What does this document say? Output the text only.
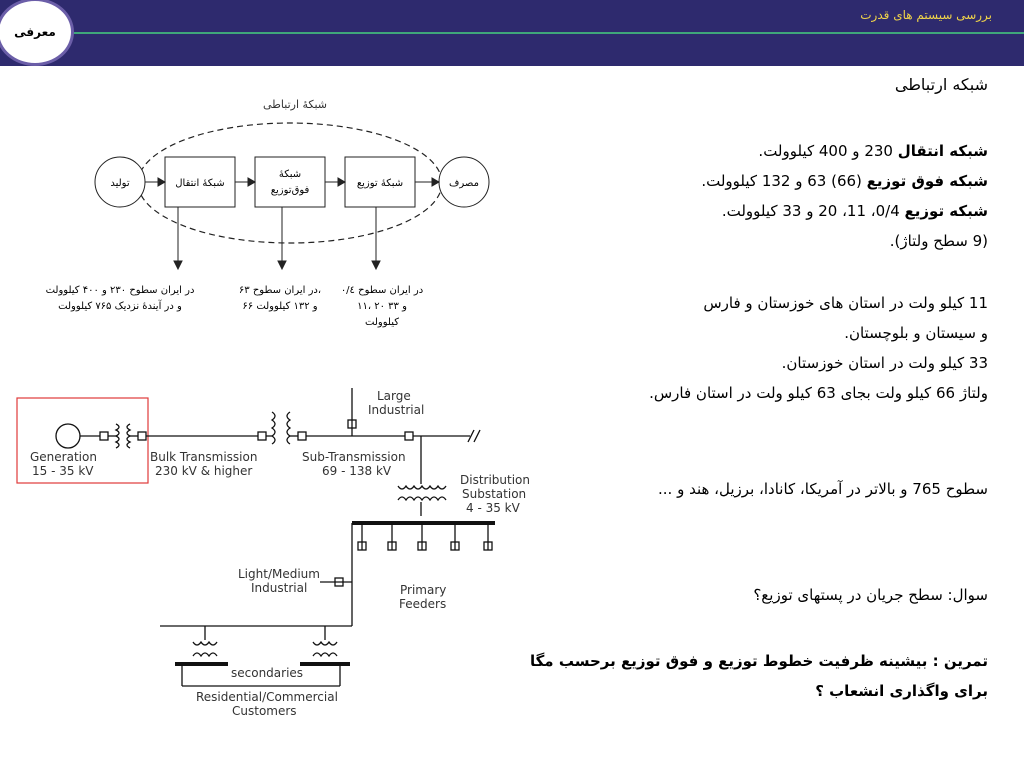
بررسی سیستم های قدرت
معرفی
شبکه ارتباطی
شبکه انتقال 230 و 400 کیلوولت.
شبکه فوق توزیع (66) 63 و 132 کیلوولت.
شبکه توزیع 0/4، 11، 20 و 33 کیلوولت.
(9 سطح ولتاژ).
11 کیلو ولت در استان های خوزستان و فارس
و سیستان و بلوچستان.
33 کیلو ولت در استان خوزستان.
ولتاژ 66 کیلو ولت بجای 63 کیلو ولت در استان فارس.
سطوح 765 و بالاتر در آمریکا، کانادا، برزیل، هند و ...
سوال: سطح جریان در پستهای توزیع؟
تمرین : بیشینه ظرفیت خطوط توزیع و فوق توزیع برحسب مگا
برای واگذاری انشعاب ؟
شبکهٔ ارتباطی
تولید	شبکهٔ انتقال
شبکهٔ
فوق‌توزیع
شبکهٔ توزیع	مصرف
در ایران سطوح ۲۳۰ و ۴۰۰ کیلوولت
و در آیندهٔ نزدیک ۷۶۵ کیلوولت
در ایران سطوح ۶۳،
۶۶ و ۱۳۲ کیلوولت
در ایران سطوح ۰/٤
۱۱، ۲۰ و ۳۳
کیلوولت
Generation
15 - 35 kV
Bulk Transmission
230 kV & higher
Sub-Transmission
69 - 138 kV
Large
Industrial
Distribution
Substation
4 - 35 kV
Light/Medium
Industrial	Primary
Feeders
secondaries
Residential/Commercial
Customers
